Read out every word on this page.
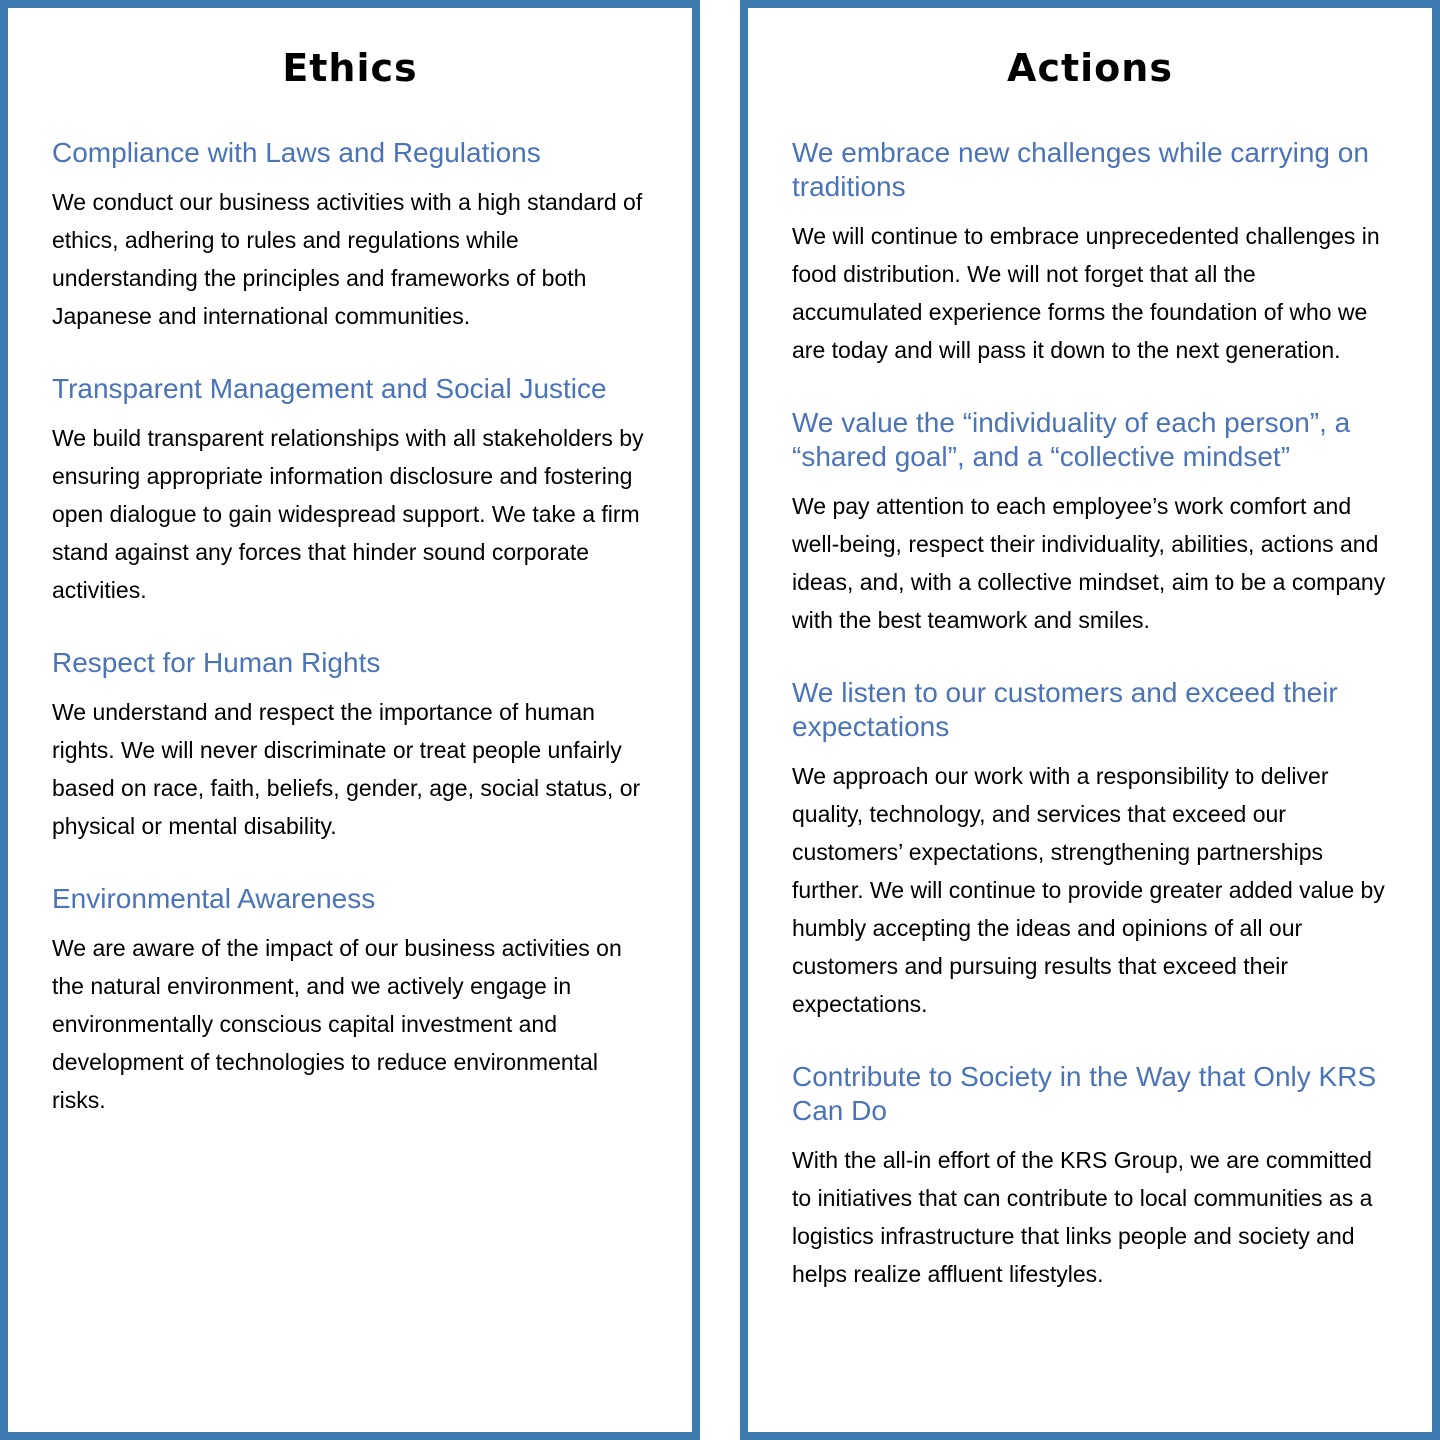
Ethics
Compliance with Laws and Regulations

We conduct our business activities with a high standard of ethics, adhering to rules and regulations while understanding the principles and frameworks of both Japanese and international communities.

Transparent Management and Social Justice

We build transparent relationships with all stakeholders by ensuring appropriate information disclosure and fostering open dialogue to gain widespread support. We take a firm stand against any forces that hinder sound corporate activities.

Respect for Human Rights

We understand and respect the importance of human rights. We will never discriminate or treat people unfairly based on race, faith, beliefs, gender, age, social status, or physical or mental disability.

Environmental Awareness

We are aware of the impact of our business activities on the natural environment, and we actively engage in environmentally conscious capital investment and development of technologies to reduce environmental risks.

Actions
We embrace new challenges while carrying on traditions

We will continue to embrace unprecedented challenges in food distribution. We will not forget that all the accumulated experience forms the foundation of who we are today and will pass it down to the next generation.

We value the “individuality of each person”, a “shared goal”, and a “collective mindset”

We pay attention to each employee’s work comfort and well-being, respect their individuality, abilities, actions and ideas, and, with a collective mindset, aim to be a company with the best teamwork and smiles.

We listen to our customers and exceed their expectations

We approach our work with a responsibility to deliver quality, technology, and services that exceed our customers’ expectations, strengthening partnerships further. We will continue to provide greater added value by humbly accepting the ideas and opinions of all our customers and pursuing results that exceed their expectations.

Contribute to Society in the Way that Only KRS Can Do

With the all-in effort of the KRS Group, we are committed to initiatives that can contribute to local communities as a logistics infrastructure that links people and society and helps realize affluent lifestyles.
